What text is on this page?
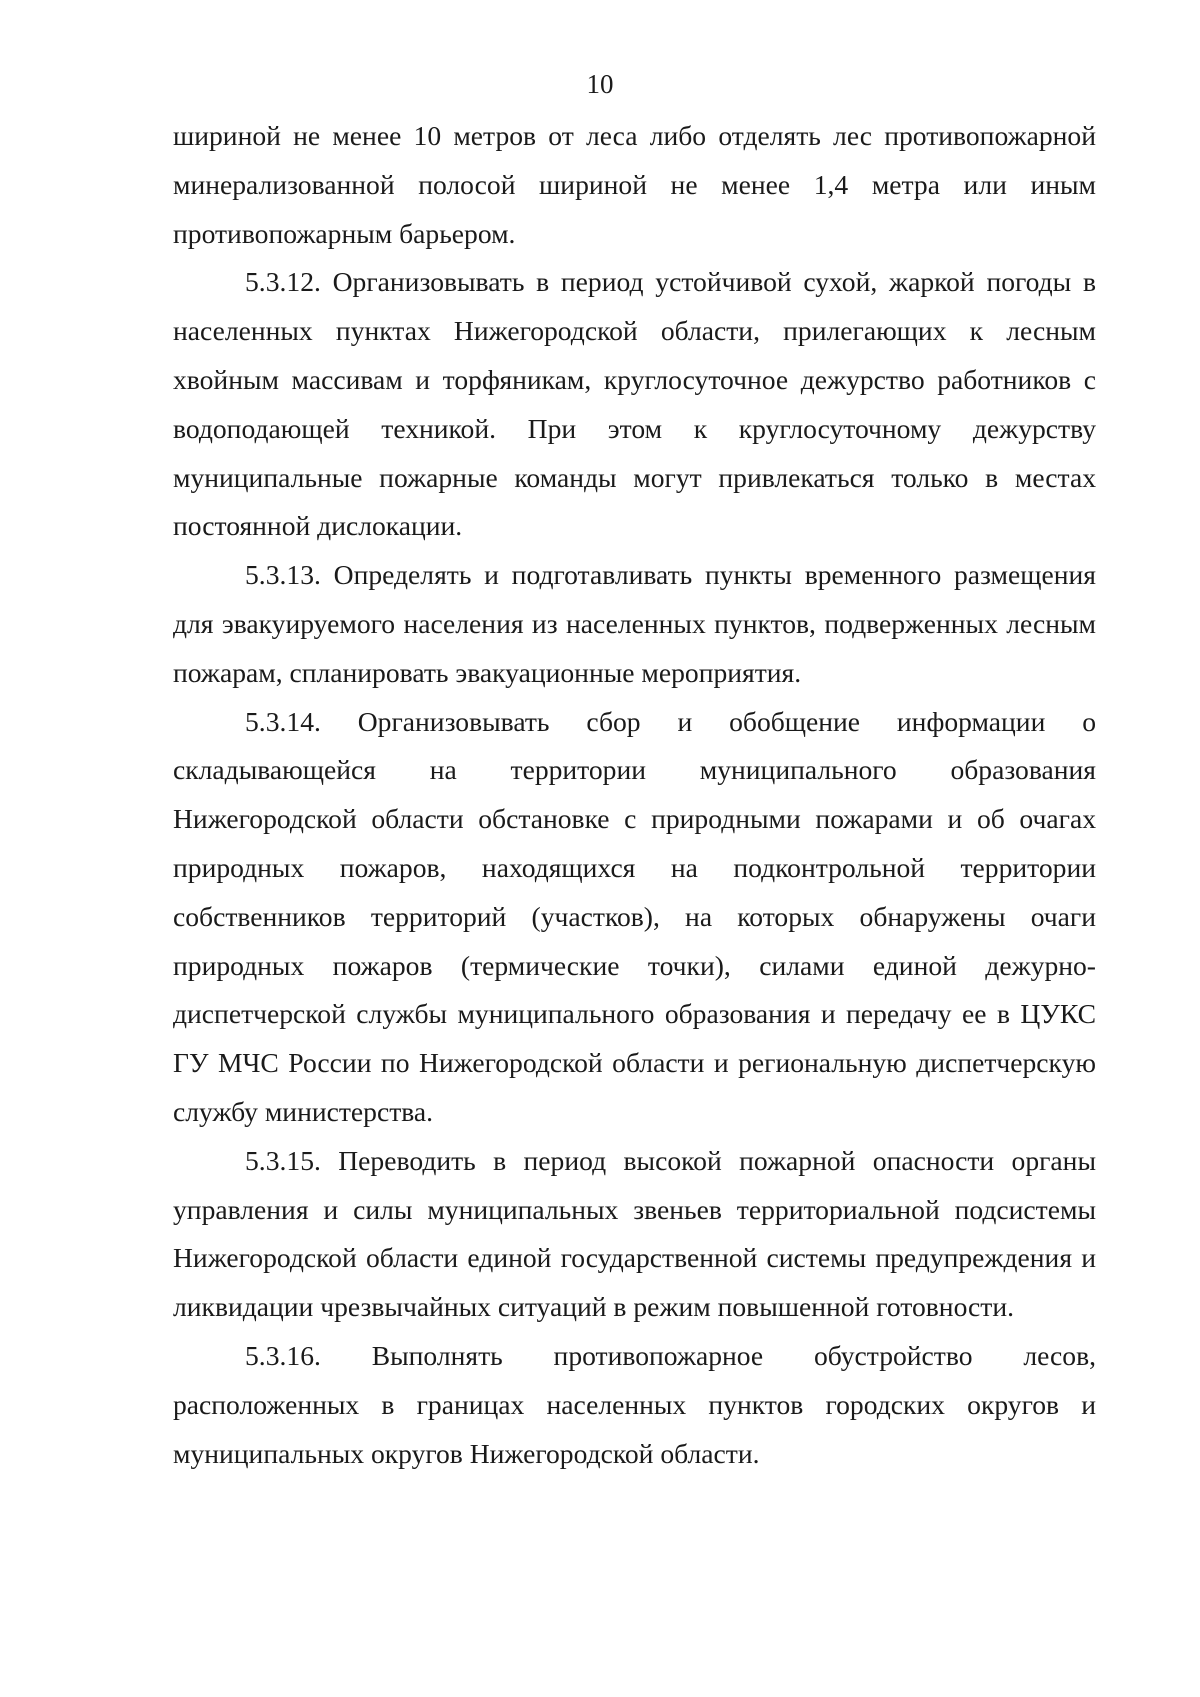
10

шириной не менее 10 метров от леса либо отделять лес противопожарной минерализованной полосой шириной не менее 1,4 метра или иным противопожарным барьером.

5.3.12. Организовывать в период устойчивой сухой, жаркой погоды в населенных пунктах Нижегородской области, прилегающих к лесным хвойным массивам и торфяникам, круглосуточное дежурство работников с водоподающей техникой. При этом к круглосуточному дежурству муниципальные пожарные команды могут привлекаться только в местах постоянной дислокации.

5.3.13. Определять и подготавливать пункты временного размещения для эвакуируемого населения из населенных пунктов, подверженных лесным пожарам, спланировать эвакуационные мероприятия.

5.3.14. Организовывать сбор и обобщение информации о складывающейся на территории муниципального образования Нижегородской области обстановке с природными пожарами и об очагах природных пожаров, находящихся на подконтрольной территории собственников территорий (участков), на которых обнаружены очаги природных пожаров (термические точки), силами единой дежурно-диспетчерской службы муниципального образования и передачу ее в ЦУКС ГУ МЧС России по Нижегородской области и региональную диспетчерскую службу министерства.

5.3.15. Переводить в период высокой пожарной опасности органы управления и силы муниципальных звеньев территориальной подсистемы Нижегородской области единой государственной системы предупреждения и ликвидации чрезвычайных ситуаций в режим повышенной готовности.

5.3.16. Выполнять противопожарное обустройство лесов, расположенных в границах населенных пунктов городских округов и муниципальных округов Нижегородской области.
